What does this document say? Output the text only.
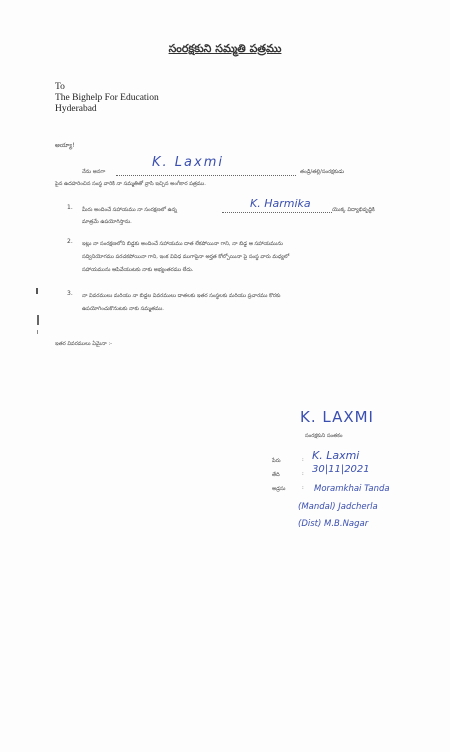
సంరక్షకుని సమ్మతి పత్రము
To
The Bighelp For Education
Hyderabad
అయ్యా!
నేను అనగా
K. Laxmi
తండ్రి/తల్లి/సంరక్షకుడు
పైన ఉదహరించిన సంస్థ వారికి నా సమ్మతితో వ్రాసి ఇచ్చిన అంగీకార పత్రము.
1. మీరు అందించే సహాయము నా సంరక్షణలో ఉన్న	K. Harmika	యొక్క విద్యాభివృద్ధికి
మాత్రమే ఉపయోగిస్తాను.
2. ఇట్లు నా సంరక్షణలోని బిడ్డకు అందించే సహాయము దాత లేకపోయినా గాని, నా బిడ్డ ఆ సహాయమును
సద్వినియోగము పరచకపోయినా గాని, ఇంక వివిధ ముగాపైనా అర్హత కోల్పోయినా పై సంస్థ వారు మధ్యలో
సహాయమును ఆపివేయుటకు నాకు అభ్యంతరము లేదు.
3. నా వివరములు మరియు నా బిడ్డల వివరములు దాతలకు ఇతర సంస్థలకు మరియు ప్రచారము కొరకు
ఉపయోగించుకొనుటకు నాకు సమ్మతము.
ఇతర వివరములు ఏమైనా :-
K. LAXMI
సంరక్షకుని సంతకం
పేరు	: K. Laxmi
తేది	: 30|11|2021
అడ్రసు	: Moramkhai Tanda
(Mandal) Jadcherla
(Dist) M.B.Nagar
